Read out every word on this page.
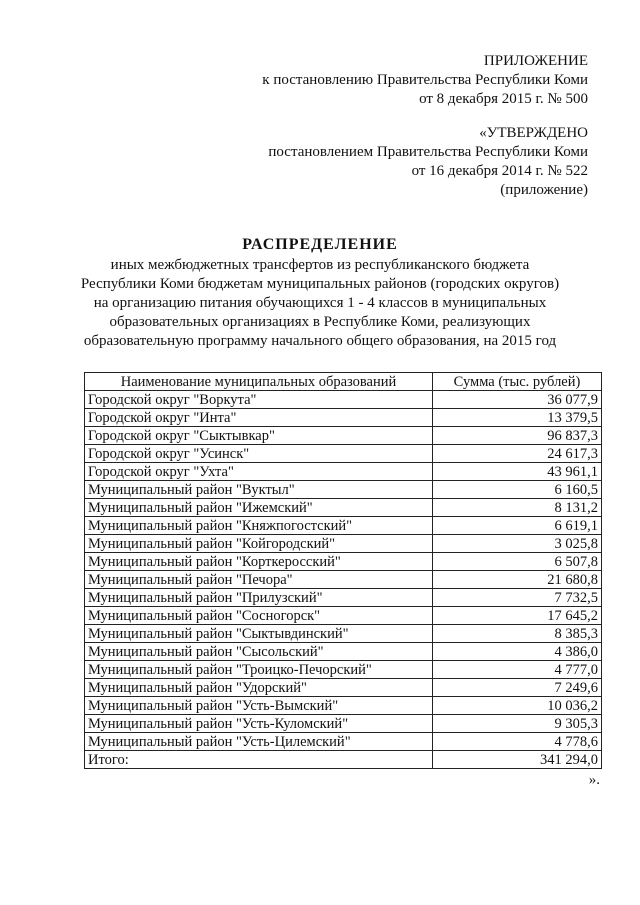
ПРИЛОЖЕНИЕ
к постановлению Правительства Республики Коми
от 8 декабря 2015 г. № 500
«УТВЕРЖДЕНО
постановлением Правительства Республики Коми
от 16 декабря 2014 г. № 522
(приложение)
РАСПРЕДЕЛЕНИЕ
иных межбюджетных трансфертов из республиканского бюджета
Республики Коми бюджетам муниципальных районов (городских округов)
на организацию питания обучающихся 1 - 4 классов в муниципальных
образовательных организациях в Республике Коми, реализующих
образовательную программу начального общего образования, на 2015 год
Наименование муниципальных образований	Сумма (тыс. рублей)
Городской округ "Воркута"	36 077,9
Городской округ "Инта"	13 379,5
Городской округ "Сыктывкар"	96 837,3
Городской округ "Усинск"	24 617,3
Городской округ "Ухта"	43 961,1
Муниципальный район "Вуктыл"	6 160,5
Муниципальный район "Ижемский"	8 131,2
Муниципальный район "Княжпогостский"	6 619,1
Муниципальный район "Койгородский"	3 025,8
Муниципальный район "Корткеросский"	6 507,8
Муниципальный район "Печора"	21 680,8
Муниципальный район "Прилузский"	7 732,5
Муниципальный район "Сосногорск"	17 645,2
Муниципальный район "Сыктывдинский"	8 385,3
Муниципальный район "Сысольский"	4 386,0
Муниципальный район "Троицко-Печорский"	4 777,0
Муниципальный район "Удорский"	7 249,6
Муниципальный район "Усть-Вымский"	10 036,2
Муниципальный район "Усть-Куломский"	9 305,3
Муниципальный район "Усть-Цилемский"	4 778,6
Итого:	341 294,0
».
